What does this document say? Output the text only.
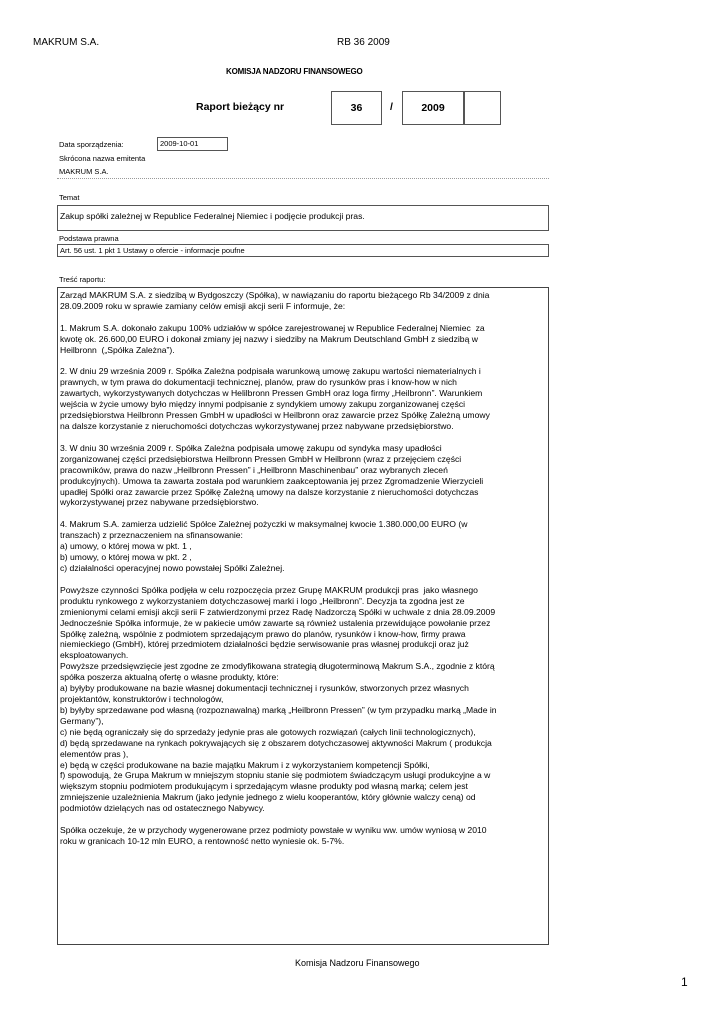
MAKRUM S.A.	RB 36 2009
KOMISJA NADZORU FINANSOWEGO
Raport bieżący nr	36	/	2009
Data sporządzenia:	2009-10-01
Skrócona nazwa emitenta
MAKRUM S.A.
Temat
Zakup spółki zależnej w Republice Federalnej Niemiec i podjęcie produkcji pras.
Podstawa prawna
Art. 56 ust. 1 pkt 1 Ustawy o ofercie - informacje poufne
Treść raportu:

Zarząd MAKRUM S.A. z siedzibą w Bydgoszczy (Spółka), w nawiązaniu do raportu bieżącego Rb 34/2009 z dnia
28.09.2009 roku w sprawie zamiany celów emisji akcji serii F informuje, że:

1. Makrum S.A. dokonało zakupu 100% udziałów w spółce zarejestrowanej w Republice Federalnej Niemiec  za
kwotę ok. 26.600,00 EURO i dokonał zmiany jej nazwy i siedziby na Makrum Deutschland GmbH z siedzibą w
Heilbronn  („Spółka Zależna”).

2. W dniu 29 września 2009 r. Spółka Zależna podpisała warunkową umowę zakupu wartości niematerialnych i
prawnych, w tym prawa do dokumentacji technicznej, planów, praw do rysunków pras i know-how w nich
zawartych, wykorzystywanych dotychczas w Helilbronn Pressen GmbH oraz loga firmy „Heilbronn”. Warunkiem
wejścia w życie umowy było między innymi podpisanie z syndykiem umowy zakupu zorganizowanej części
przedsiębiorstwa Heilbronn Pressen GmbH w upadłości w Heilbronn oraz zawarcie przez Spółkę Zależną umowy
na dalsze korzystanie z nieruchomości dotychczas wykorzystywanej przez nabywane przedsiębiorstwo.

3. W dniu 30 września 2009 r. Spółka Zależna podpisała umowę zakupu od syndyka masy upadłości
zorganizowanej części przedsiębiorstwa Heilbronn Pressen GmbH w Heilbronn (wraz z przejęciem części
pracowników, prawa do nazw „Heilbronn Pressen” i „Heilbronn Maschinenbau” oraz wybranych zleceń
produkcyjnych). Umowa ta zawarta została pod warunkiem zaakceptowania jej przez Zgromadzenie Wierzycieli
upadłej Spółki oraz zawarcie przez Spółkę Zależną umowy na dalsze korzystanie z nieruchomości dotychczas
wykorzystywanej przez nabywane przedsiębiorstwo.

4. Makrum S.A. zamierza udzielić Spółce Zależnej pożyczki w maksymalnej kwocie 1.380.000,00 EURO (w
transzach) z przeznaczeniem na sfinansowanie:
a) umowy, o której mowa w pkt. 1 ,
b) umowy, o której mowa w pkt. 2 ,
c) działalności operacyjnej nowo powstałej Spółki Zależnej.

Powyższe czynności Spółka podjęła w celu rozpoczęcia przez Grupę MAKRUM produkcji pras  jako własnego
produktu rynkowego z wykorzystaniem dotychczasowej marki i logo „Heilbronn”. Decyzja ta zgodna jest ze
zmienionymi celami emisji akcji serii F zatwierdzonymi przez Radę Nadzorczą Spółki w uchwale z dnia 28.09.2009
Jednocześnie Spółka informuje, że w pakiecie umów zawarte są również ustalenia przewidujące powołanie przez
Spółkę zależną, wspólnie z podmiotem sprzedającym prawo do planów, rysunków i know-how, firmy prawa
niemieckiego (GmbH), której przedmiotem działalności będzie serwisowanie pras własnej produkcji oraz już
eksploatowanych.
Powyższe przedsięwzięcie jest zgodne ze zmodyfikowana strategią długoterminową Makrum S.A., zgodnie z którą
spółka poszerza aktualną ofertę o własne produkty, które:
a) byłyby produkowane na bazie własnej dokumentacji technicznej i rysunków, stworzonych przez własnych
projektantów, konstruktorów i technologów,
b) byłyby sprzedawane pod własną (rozpoznawalną) marką „Heilbronn Pressen” (w tym przypadku marką „Made in
Germany”),
c) nie będą ograniczały się do sprzedaży jedynie pras ale gotowych rozwiązań (całych linii technologicznych),
d) będą sprzedawane na rynkach pokrywających się z obszarem dotychczasowej aktywności Makrum ( produkcja
elementów pras ),
e) będą w części produkowane na bazie majątku Makrum i z wykorzystaniem kompetencji Spółki,
f) spowodują, że Grupa Makrum w mniejszym stopniu stanie się podmiotem świadczącym usługi produkcyjne a w
większym stopniu podmiotem produkującym i sprzedającym własne produkty pod własną marką; celem jest
zmniejszenie uzależnienia Makrum (jako jedynie jednego z wielu kooperantów, który głównie walczy ceną) od
podmiotów dzielących nas od ostatecznego Nabywcy.

Spółka oczekuje, że w przychody wygenerowane przez podmioty powstałe w wyniku ww. umów wyniosą w 2010
roku w granicach 10-12 mln EURO, a rentowność netto wyniesie ok. 5-7%.

Komisja Nadzoru Finansowego
1
